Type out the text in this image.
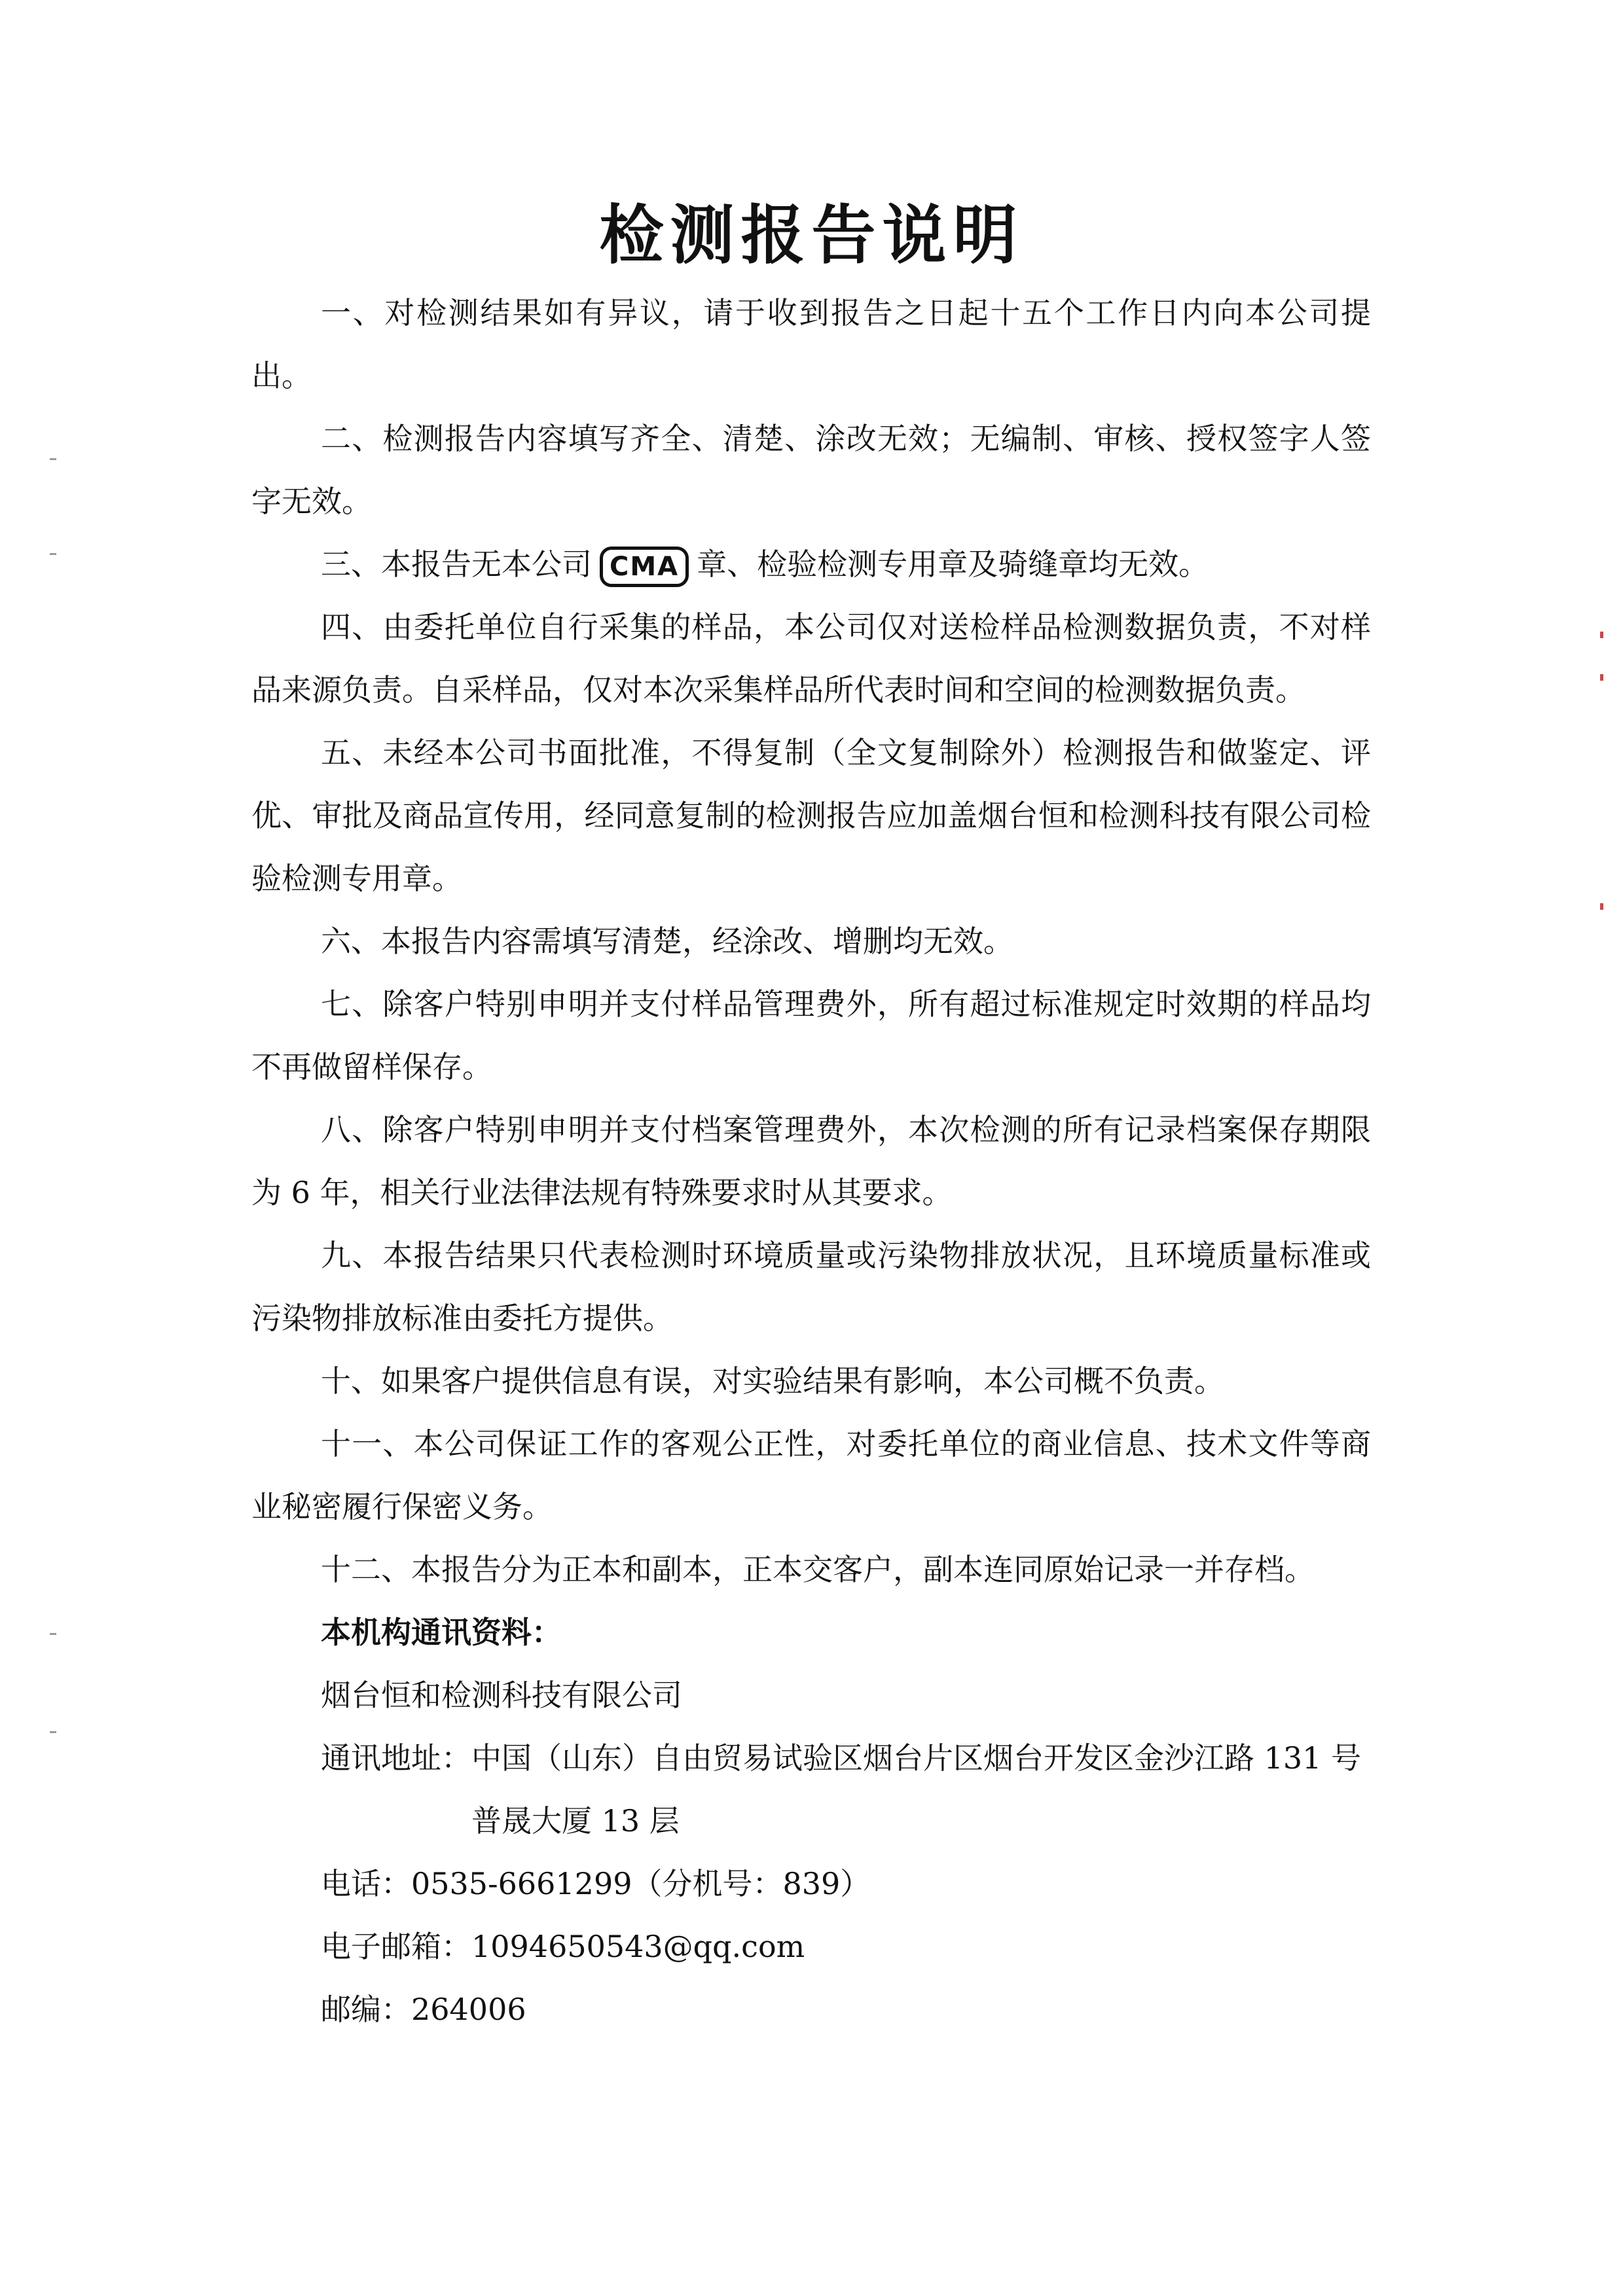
检测报告说明

一、对检测结果如有异议，请于收到报告之日起十五个工作日内向本公司提出。

二、检测报告内容填写齐全、清楚、涂改无效；无编制、审核、授权签字人签字无效。

三、本报告无本公司 CMA 章、检验检测专用章及骑缝章均无效。

四、由委托单位自行采集的样品，本公司仅对送检样品检测数据负责，不对样品来源负责。自采样品，仅对本次采集样品所代表时间和空间的检测数据负责。

五、未经本公司书面批准，不得复制（全文复制除外）检测报告和做鉴定、评优、审批及商品宣传用，经同意复制的检测报告应加盖烟台恒和检测科技有限公司检验检测专用章。

六、本报告内容需填写清楚，经涂改、增删均无效。

七、除客户特别申明并支付样品管理费外，所有超过标准规定时效期的样品均不再做留样保存。

八、除客户特别申明并支付档案管理费外，本次检测的所有记录档案保存期限为 6 年，相关行业法律法规有特殊要求时从其要求。

九、本报告结果只代表检测时环境质量或污染物排放状况，且环境质量标准或污染物排放标准由委托方提供。

十、如果客户提供信息有误，对实验结果有影响，本公司概不负责。

十一、本公司保证工作的客观公正性，对委托单位的商业信息、技术文件等商业秘密履行保密义务。

十二、本报告分为正本和副本，正本交客户，副本连同原始记录一并存档。

本机构通讯资料：

烟台恒和检测科技有限公司

通讯地址： 中国（山东）自由贸易试验区烟台片区烟台开发区金沙江路 131 号
普晟大厦 13 层

电话：0535-6661299（分机号：839）

电子邮箱：1094650543@qq.com

邮编：264006
